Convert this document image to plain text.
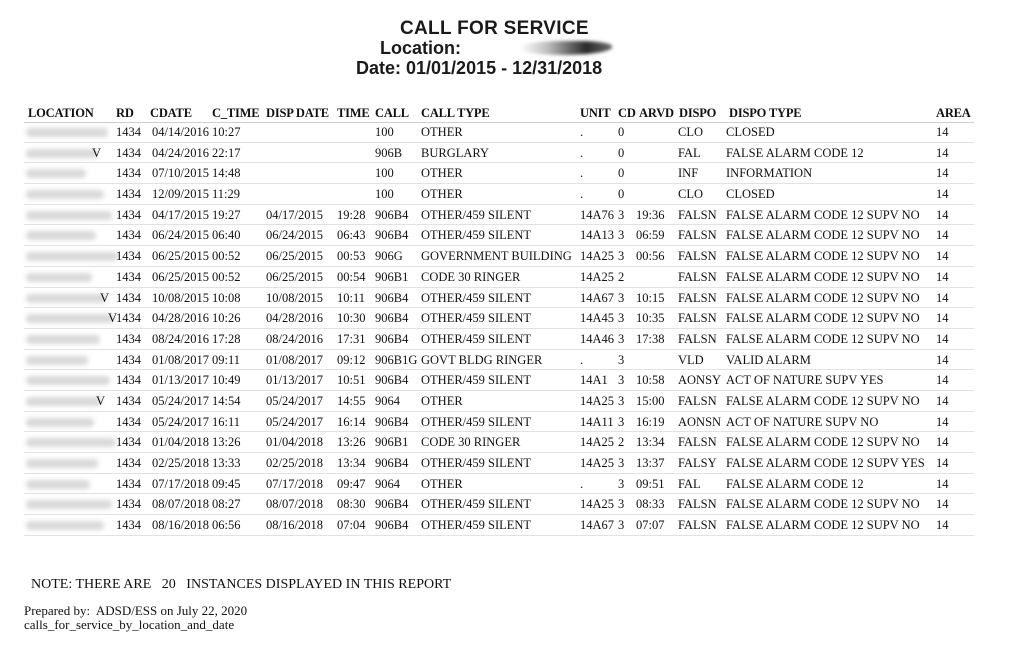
CALL FOR SERVICE
Location:
Date: 01/01/2015 - 12/31/2018
LOCATION RD CDATE C_TIME DISP DATE TIME CALL CALL TYPE	UNIT CD ARVD DISPO DISPO TYPE	AREA
1434 04/14/2016 10:27	100 OTHER	.	0	CLO CLOSED	14
V 1434 04/24/2016 22:17	906B BURGLARY	.	0	FAL FALSE ALARM CODE 12	14
1434 07/10/2015 14:48	100 OTHER	.	0	INF INFORMATION	14
1434 12/09/2015 11:29	100 OTHER	.	0	CLO CLOSED	14
1434 04/17/2015 19:27 04/17/2015 19:28 906B4 OTHER/459 SILENT	14A76 3 19:36 FALSN FALSE ALARM CODE 12 SUPV NO 14
1434 06/24/2015 06:40 06/24/2015 06:43 906B4 OTHER/459 SILENT	14A13 3 06:59 FALSN FALSE ALARM CODE 12 SUPV NO 14
1434 06/25/2015 00:52 06/25/2015 00:53 906G GOVERNMENT BUILDING 14A25 3 00:56 FALSN FALSE ALARM CODE 12 SUPV NO 14
1434 06/25/2015 00:52 06/25/2015 00:54 906B1 CODE 30 RINGER	14A25 2	FALSN FALSE ALARM CODE 12 SUPV NO 14
V 1434 10/08/2015 10:08 10/08/2015 10:11 906B4 OTHER/459 SILENT	14A67 3 10:15 FALSN FALSE ALARM CODE 12 SUPV NO 14
V
1434 04/28/2016 10:26 04/28/2016 10:30 906B4 OTHER/459 SILENT	14A45 3 10:35 FALSN FALSE ALARM CODE 12 SUPV NO 14
1434 08/24/2016 17:28 08/24/2016 17:31 906B4 OTHER/459 SILENT	14A46 3 17:38 FALSN FALSE ALARM CODE 12 SUPV NO 14
1434 01/08/2017 09:11 01/08/2017 09:12 906B1G GOVT BLDG RINGER	.	3	VLD VALID ALARM	14
1434 01/13/2017 10:49 01/13/2017 10:51 906B4 OTHER/459 SILENT	14A1 3 10:58 AONSY ACT OF NATURE SUPV YES	14
V 1434 05/24/2017 14:54 05/24/2017 14:55 9064 OTHER	14A25 3 15:00 FALSN FALSE ALARM CODE 12 SUPV NO 14
1434 05/24/2017 16:11 05/24/2017 16:14 906B4 OTHER/459 SILENT	14A11 3 16:19 AONSN ACT OF NATURE SUPV NO	14
1434 01/04/2018 13:26 01/04/2018 13:26 906B1 CODE 30 RINGER	14A25 2 13:34 FALSN FALSE ALARM CODE 12 SUPV NO 14
1434 02/25/2018 13:33 02/25/2018 13:34 906B4 OTHER/459 SILENT	14A25 3 13:37 FALSY FALSE ALARM CODE 12 SUPV YES 14
1434 07/17/2018 09:45 07/17/2018 09:47 9064 OTHER	.	3 09:51 FAL FALSE ALARM CODE 12	14
1434 08/07/2018 08:27 08/07/2018 08:30 906B4 OTHER/459 SILENT	14A25 3 08:33 FALSN FALSE ALARM CODE 12 SUPV NO 14
1434 08/16/2018 06:56 08/16/2018 07:04 906B4 OTHER/459 SILENT	14A67 3 07:07 FALSN FALSE ALARM CODE 12 SUPV NO 14
NOTE: THERE ARE   20   INSTANCES DISPLAYED IN THIS REPORT
Prepared by:  ADSD/ESS on July 22, 2020
calls_for_service_by_location_and_date
